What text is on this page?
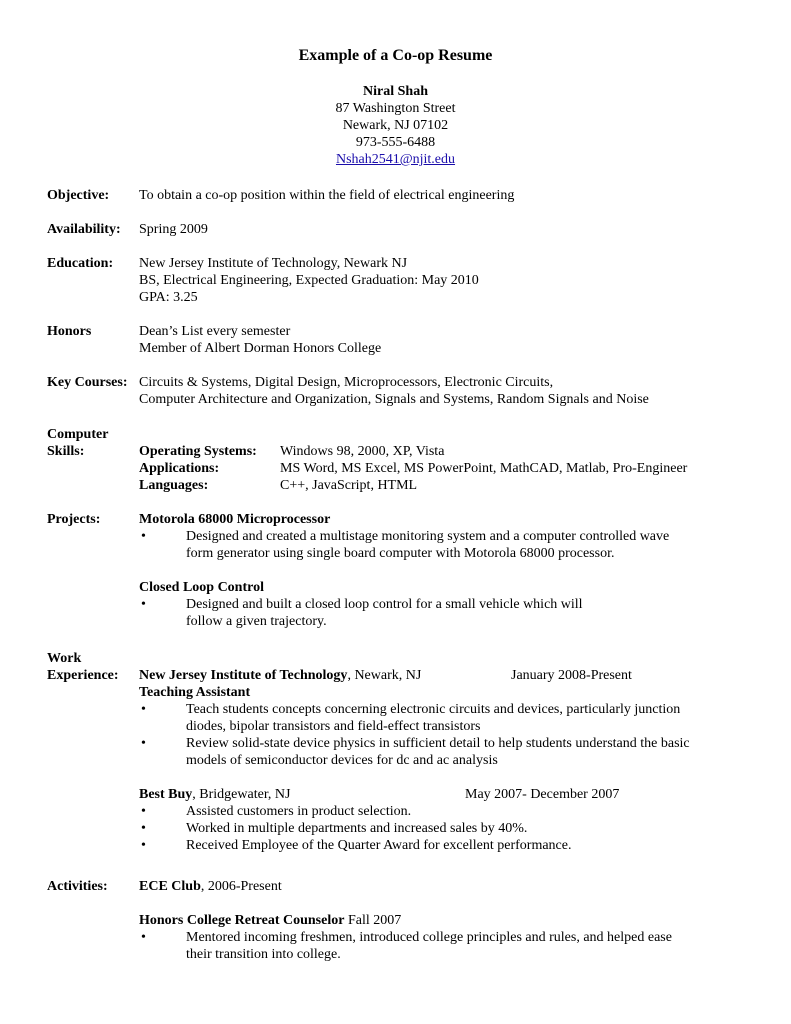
Example of a Co-op Resume
Niral Shah
87 Washington Street
Newark, NJ 07102
973-555-6488
Nshah2541@njit.edu
Objective: To obtain a co-op position within the field of electrical engineering
Availability: Spring 2009
Education: New Jersey Institute of Technology, Newark NJ
BS, Electrical Engineering, Expected Graduation: May 2010
GPA: 3.25
Honors	Dean’s List every semester
Member of Albert Dorman Honors College
Key Courses: Circuits & Systems, Digital Design, Microprocessors, Electronic Circuits,
Computer Architecture and Organization, Signals and Systems, Random Signals and Noise
Computer
Skills:	Operating Systems: Windows 98, 2000, XP, Vista
Applications:	MS Word, MS Excel, MS PowerPoint, MathCAD, Matlab, Pro-Engineer
Languages:	C++, JavaScript, HTML
Projects:	Motorola 68000 Microprocessor
•	Designed and created a multistage monitoring system and a computer controlled wave
form generator using single board computer with Motorola 68000 processor.
Closed Loop Control
•	Designed and built a closed loop control for a small vehicle which will
follow a given trajectory.
Work
Experience: New Jersey Institute of Technology, Newark, NJ	January 2008-Present
Teaching Assistant
•	Teach students concepts concerning electronic circuits and devices, particularly junction
diodes, bipolar transistors and field-effect transistors
•	Review solid-state device physics in sufficient detail to help students understand the basic
models of semiconductor devices for dc and ac analysis
Best Buy, Bridgewater, NJ	May 2007- December 2007
•	Assisted customers in product selection.
•	Worked in multiple departments and increased sales by 40%.
•	Received Employee of the Quarter Award for excellent performance.
Activities: ECE Club, 2006-Present
Honors College Retreat Counselor Fall 2007
•	Mentored incoming freshmen, introduced college principles and rules, and helped ease
their transition into college.
